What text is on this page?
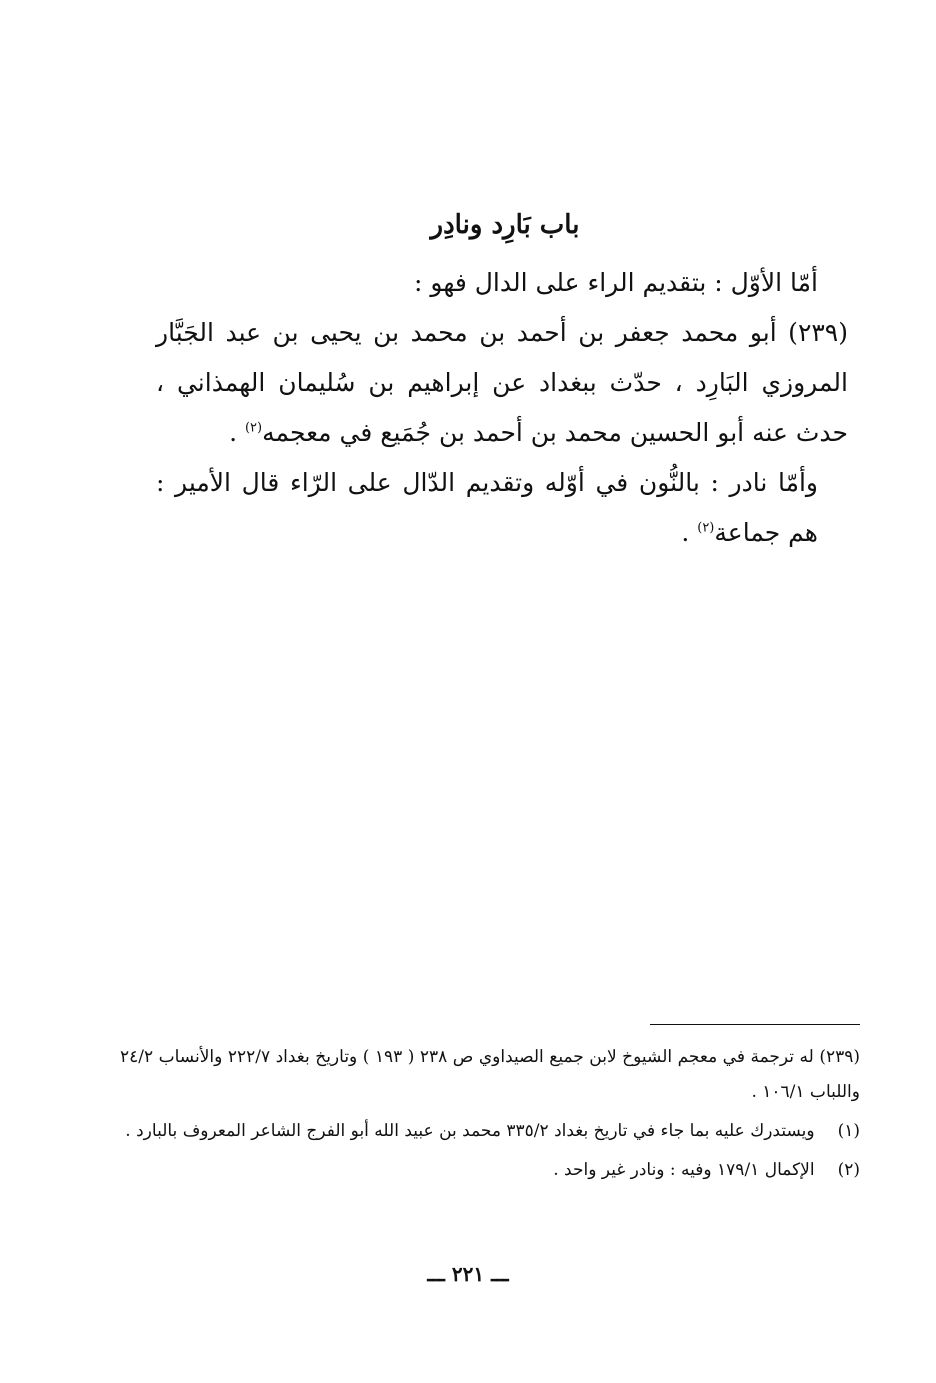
باب بَارِد ونادِر

أمّا الأوّل : بتقديم الراء على الدال فهو :

(٢٣٩) أبو محمد جعفر بن أحمد بن محمد بن يحيى بن عبد الجَبَّار المروزي البَارِد ، حدّث ببغداد عن إبراهيم بن سُليمان الهمذاني ، حدث عنه أبو الحسين محمد بن أحمد بن جُمَيع في معجمه$^{(٢)}$ .

وأمّا نادر : بالنُّون في أوّله وتقديم الدّال على الرّاء قال الأمير : هم جماعة$^{(٢)}$ .

(٢٣٩) له ترجمة في معجم الشيوخ لابن جميع الصيداوي ص ٢٣٨ ( ١٩٣ ) وتاريخ بغداد ٢٢٢/٧ والأنساب ٢٤/٢ واللباب ١٠٦/١ .

(١) ويستدرك عليه بما جاء في تاريخ بغداد ٣٣٥/٢ محمد بن عبيد الله أبو الفرج الشاعر المعروف بالبارد .

(٢) الإكمال ١٧٩/١ وفيه : ونادر غير واحد .

ـــ ٢٢١ ـــ
